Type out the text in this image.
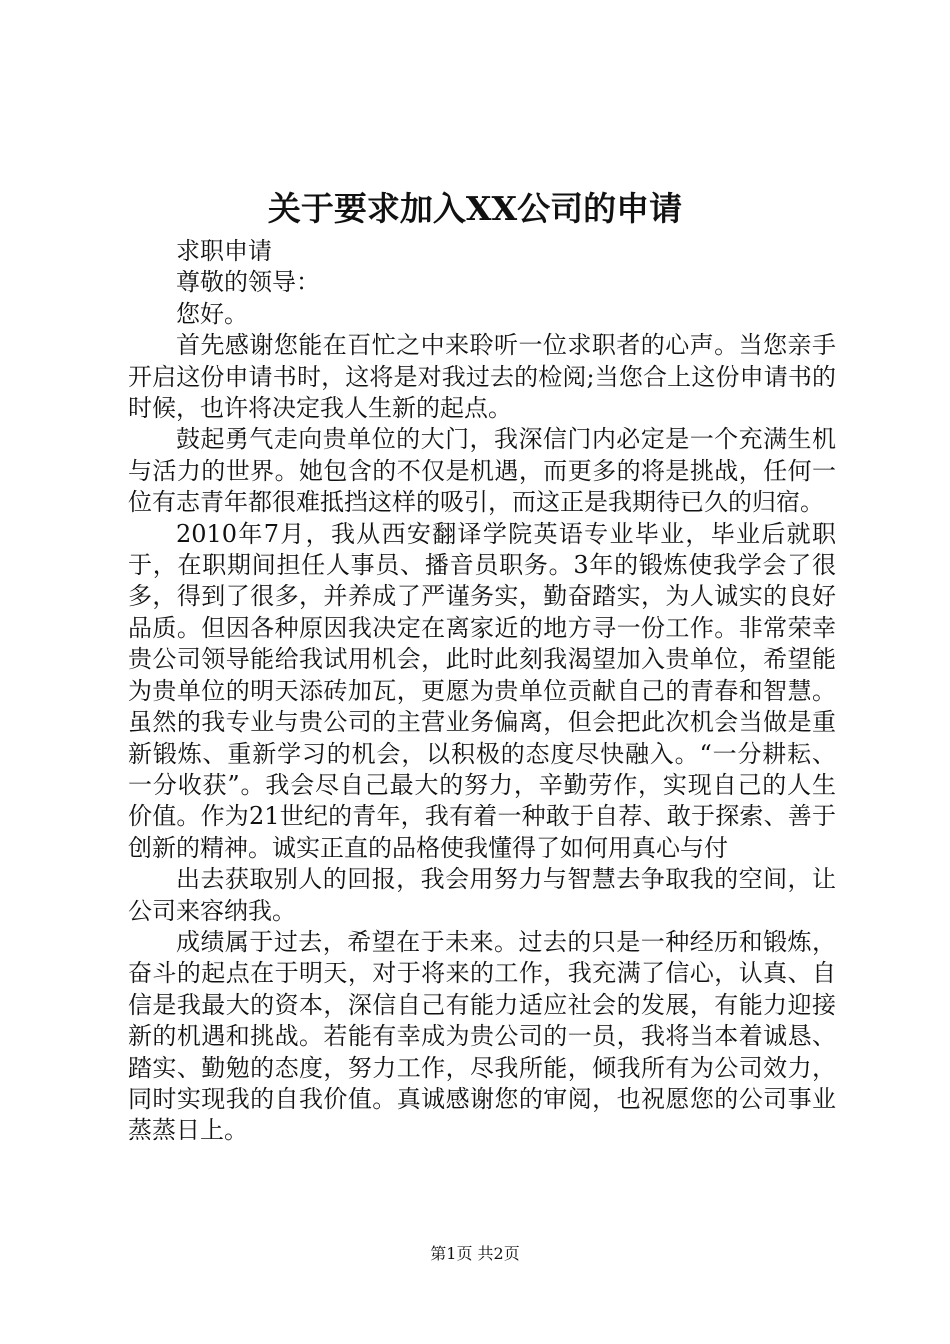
关于要求加入XX公司的申请

求职申请

尊敬的领导：

您好。

首先感谢您能在百忙之中来聆听一位求职者的心声。当您亲手开启这份申请书时，这将是对我过去的检阅;当您合上这份申请书的时候，也许将决定我人生新的起点。

鼓起勇气走向贵单位的大门，我深信门内必定是一个充满生机与活力的世界。她包含的不仅是机遇，而更多的将是挑战，任何一位有志青年都很难抵挡这样的吸引，而这正是我期待已久的归宿。

2010年7月，我从西安翻译学院英语专业毕业，毕业后就职于，在职期间担任人事员、播音员职务。3年的锻炼使我学会了很多，得到了很多，并养成了严谨务实，勤奋踏实，为人诚实的良好品质。但因各种原因我决定在离家近的地方寻一份工作。非常荣幸贵公司领导能给我试用机会，此时此刻我渴望加入贵单位，希望能为贵单位的明天添砖加瓦，更愿为贵单位贡献自己的青春和智慧。虽然的我专业与贵公司的主营业务偏离，但会把此次机会当做是重新锻炼、重新学习的机会，以积极的态度尽快融入。“一分耕耘、一分收获”。我会尽自己最大的努力，辛勤劳作，实现自己的人生价值。作为21世纪的青年，我有着一种敢于自荐、敢于探索、善于创新的精神。诚实正直的品格使我懂得了如何用真心与付

出去获取别人的回报，我会用努力与智慧去争取我的空间，让公司来容纳我。

成绩属于过去，希望在于未来。过去的只是一种经历和锻炼，奋斗的起点在于明天，对于将来的工作，我充满了信心，认真、自信是我最大的资本，深信自己有能力适应社会的发展，有能力迎接新的机遇和挑战。若能有幸成为贵公司的一员，我将当本着诚恳、踏实、勤勉的态度，努力工作，尽我所能，倾我所有为公司效力，同时实现我的自我价值。真诚感谢您的审阅，也祝愿您的公司事业蒸蒸日上。

第1页 共2页
